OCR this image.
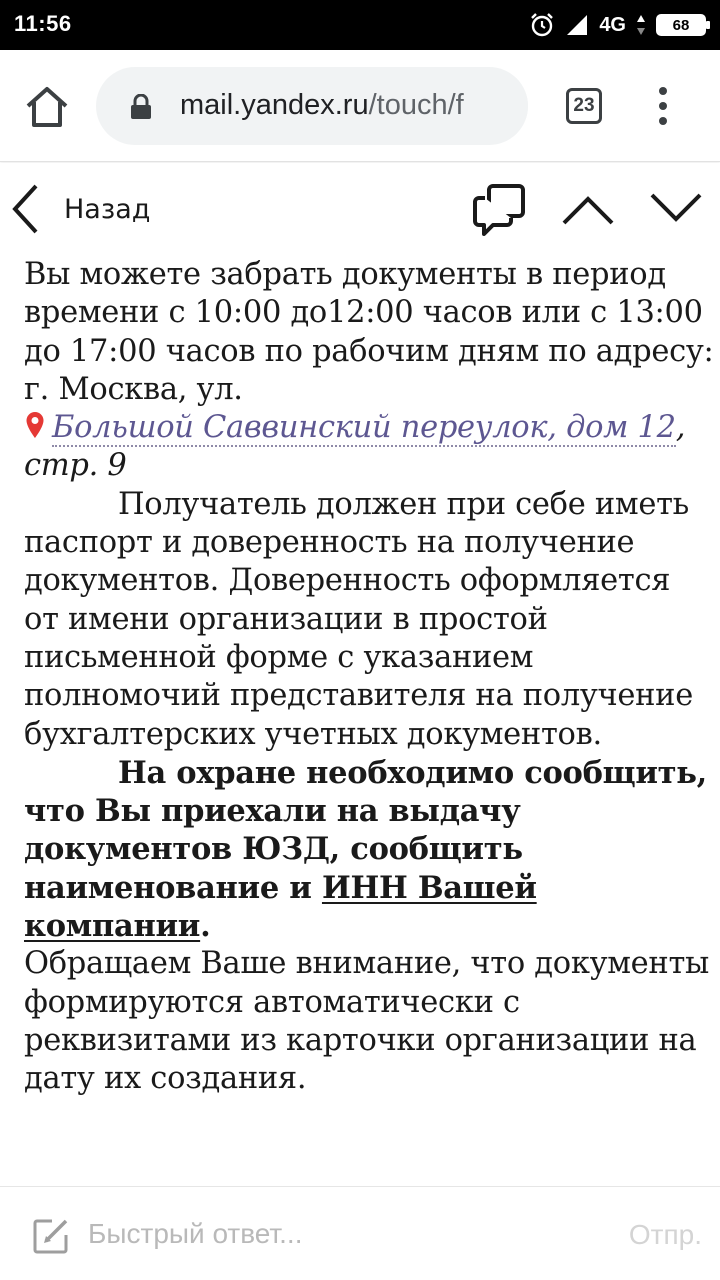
11:56	4G	68
mail.yandex.ru/touch/f	23
Назад

Вы можете забрать документы в период времени с 10:00 до12:00 часов или с 13:00 до 17:00 часов по рабочим дням по адресу: г. Москва, ул.
Большой Саввинский переулок, дом 12,
стр. 9

Получатель должен при себе иметь паспорт и доверенность на получение документов. Доверенность оформляется от имени организации в простой письменной форме с указанием полномочий представителя на получение бухгалтерских учетных документов.

На охране необходимо сообщить, что Вы приехали на выдачу документов ЮЗД, сообщить наименование и ИНН Вашей компании.

Обращаем Ваше внимание, что документы формируются автоматически с реквизитами из карточки организации на дату их создания.

Быстрый ответ...
Отпр.
